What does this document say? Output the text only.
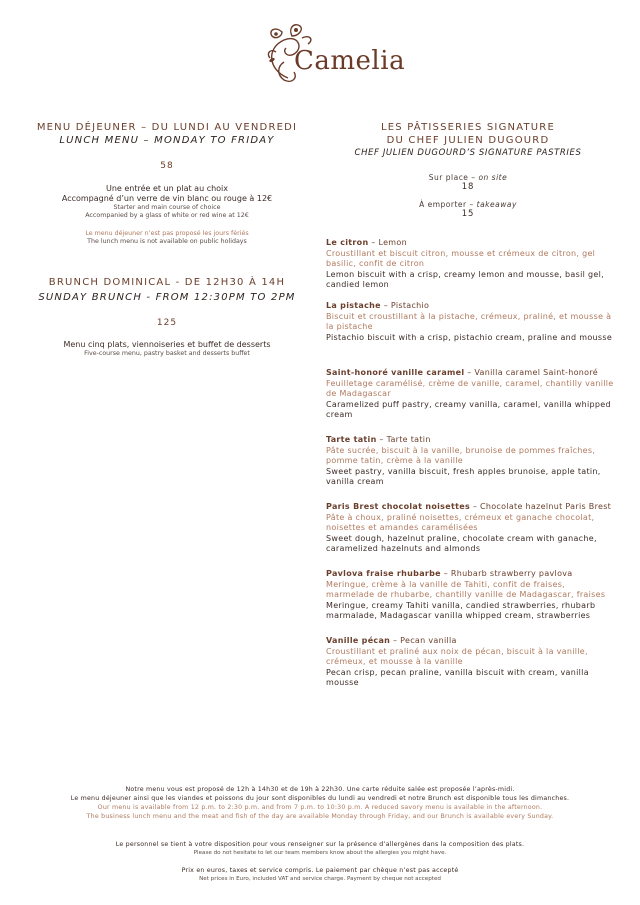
Camelia
MENU DÉJEUNER – DU LUNDI AU VENDREDI
LUNCH MENU – MONDAY TO FRIDAY
58
Une entrée et un plat au choix
Accompagné d’un verre de vin blanc ou rouge à 12€
Starter and main course of choice
Accompanied by a glass of white or red wine at 12€
Le menu déjeuner n’est pas proposé les jours fériés
The lunch menu is not available on public holidays
BRUNCH DOMINICAL - DE 12H30 À 14H
SUNDAY BRUNCH - FROM 12:30PM TO 2PM
125
Menu cinq plats, viennoiseries et buffet de desserts
Five-course menu, pastry basket and desserts buffet
LES PÂTISSERIES SIGNATURE
DU CHEF JULIEN DUGOURD
CHEF JULIEN DUGOURD’S SIGNATURE PASTRIES
Sur place – on site
18
À emporter – takeaway
15
Le citron – Lemon
Croustillant et biscuit citron, mousse et crémeux de citron, gel basilic, confit de citron
Lemon biscuit with a crisp, creamy lemon and mousse, basil gel, candied lemon
La pistache – Pistachio
Biscuit et croustillant à la pistache, crémeux, praliné, et mousse à la pistache
Pistachio biscuit with a crisp, pistachio cream, praline and mousse
Saint-honoré vanille caramel – Vanilla caramel Saint-honoré
Feuilletage caramélisé, crème de vanille, caramel, chantilly vanille de Madagascar
Caramelized puff pastry, creamy vanilla, caramel, vanilla whipped cream
Tarte tatin – Tarte tatin
Pâte sucrée, biscuit à la vanille, brunoise de pommes fraîches, pomme tatin, crème à la vanille
Sweet pastry, vanilla biscuit, fresh apples brunoise, apple tatin, vanilla cream
Paris Brest chocolat noisettes – Chocolate hazelnut Paris Brest
Pâte à choux, praliné noisettes, crémeux et ganache chocolat, noisettes et amandes caramélisées
Sweet dough, hazelnut praline, chocolate cream with ganache, caramelized hazelnuts and almonds
Pavlova fraise rhubarbe – Rhubarb strawberry pavlova
Meringue, crème à la vanille de Tahiti, confit de fraises, marmelade de rhubarbe, chantilly vanille de Madagascar, fraises
Meringue, creamy Tahiti vanilla, candied strawberries, rhubarb marmalade, Madagascar vanilla whipped cream, strawberries
Vanille pécan – Pecan vanilla
Croustillant et praliné aux noix de pécan, biscuit à la vanille, crémeux, et mousse à la vanille
Pecan crisp, pecan praline, vanilla biscuit with cream, vanilla mousse
Notre menu vous est proposé de 12h à 14h30 et de 19h à 22h30. Une carte réduite salée est proposée l’après-midi.
Le menu déjeuner ainsi que les viandes et poissons du jour sont disponibles du lundi au vendredi et notre Brunch est disponible tous les dimanches.
Our menu is available from 12 p.m. to 2:30 p.m. and from 7 p.m. to 10:30 p.m. A reduced savory menu is available in the afternoon.
The business lunch menu and the meat and fish of the day are available Monday through Friday, and our Brunch is available every Sunday.
Le personnel se tient à votre disposition pour vous renseigner sur la présence d’allergènes dans la composition des plats.
Please do not hesitate to let our team members know about the allergies you might have.
Prix en euros, taxes et service compris. Le paiement par chèque n’est pas accepté
Net prices in Euro, included VAT and service charge. Payment by cheque not accepted
